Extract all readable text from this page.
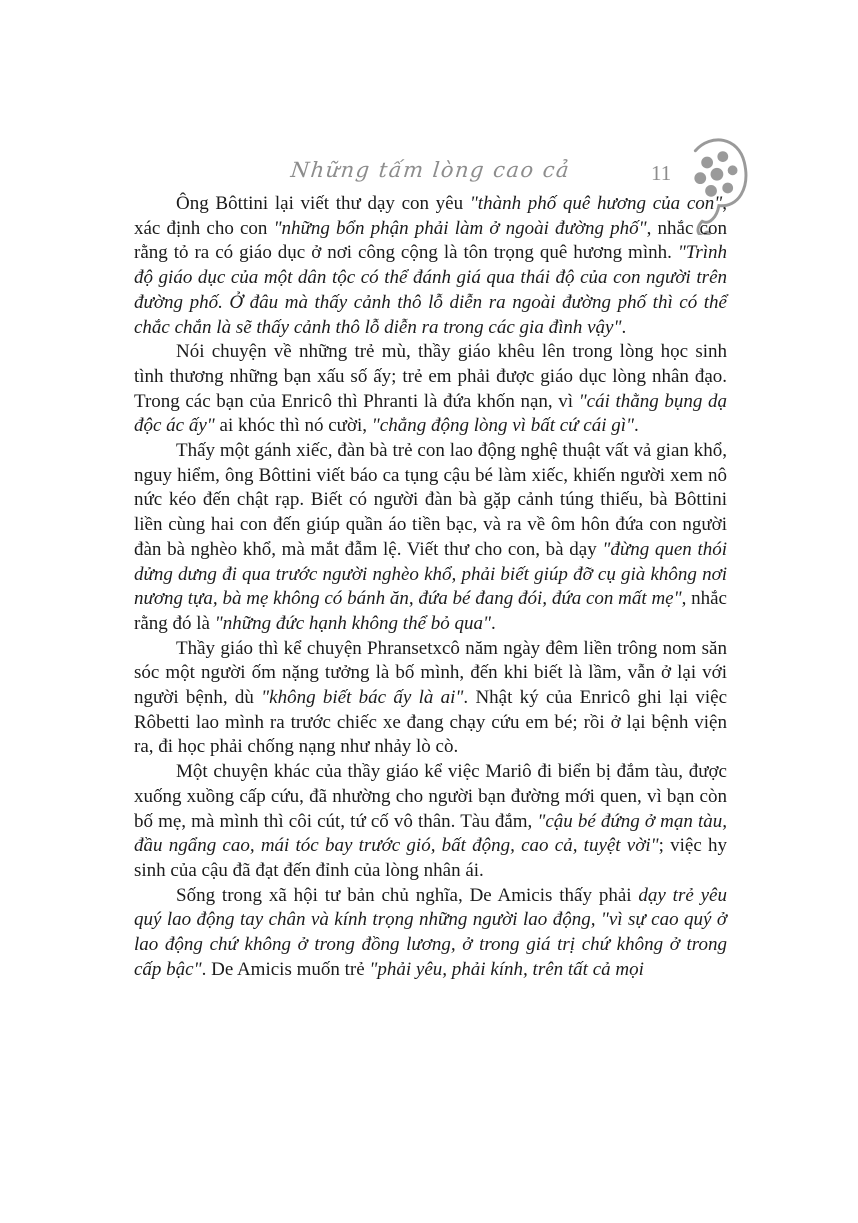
Những tấm lòng cao cả	11

Ông Bôttini lại viết thư dạy con yêu "thành phố quê hương của con", xác định cho con "những bổn phận phải làm ở ngoài đường phố", nhắc con rằng tỏ ra có giáo dục ở nơi công cộng là tôn trọng quê hương mình. "Trình độ giáo dục của một dân tộc có thể đánh giá qua thái độ của con người trên đường phố. Ở đâu mà thấy cảnh thô lỗ diễn ra ngoài đường phố thì có thể chắc chắn là sẽ thấy cảnh thô lỗ diễn ra trong các gia đình vậy".

Nói chuyện về những trẻ mù, thầy giáo khêu lên trong lòng học sinh tình thương những bạn xấu số ấy; trẻ em phải được giáo dục lòng nhân đạo. Trong các bạn của Enricô thì Phranti là đứa khốn nạn, vì "cái thằng bụng dạ độc ác ấy" ai khóc thì nó cười, "chẳng động lòng vì bất cứ cái gì".

Thấy một gánh xiếc, đàn bà trẻ con lao động nghệ thuật vất vả gian khổ, nguy hiểm, ông Bôttini viết báo ca tụng cậu bé làm xiếc, khiến người xem nô nức kéo đến chật rạp. Biết có người đàn bà gặp cảnh túng thiếu, bà Bôttini liền cùng hai con đến giúp quần áo tiền bạc, và ra về ôm hôn đứa con người đàn bà nghèo khổ, mà mắt đẫm lệ. Viết thư cho con, bà dạy "đừng quen thói dửng dưng đi qua trước người nghèo khổ, phải biết giúp đỡ cụ già không nơi nương tựa, bà mẹ không có bánh ăn, đứa bé đang đói, đứa con mất mẹ", nhắc rằng đó là "những đức hạnh không thể bỏ qua".

Thầy giáo thì kể chuyện Phransetxcô năm ngày đêm liền trông nom săn sóc một người ốm nặng tưởng là bố mình, đến khi biết là lầm, vẫn ở lại với người bệnh, dù "không biết bác ấy là ai". Nhật ký của Enricô ghi lại việc Rôbetti lao mình ra trước chiếc xe đang chạy cứu em bé; rồi ở lại bệnh viện ra, đi học phải chống nạng như nhảy lò cò.

Một chuyện khác của thầy giáo kể việc Mariô đi biển bị đắm tàu, được xuống xuồng cấp cứu, đã nhường cho người bạn đường mới quen, vì bạn còn bố mẹ, mà mình thì côi cút, tứ cố vô thân. Tàu đắm, "cậu bé đứng ở mạn tàu, đầu ngẩng cao, mái tóc bay trước gió, bất động, cao cả, tuyệt vời"; việc hy sinh của cậu đã đạt đến đỉnh của lòng nhân ái.

Sống trong xã hội tư bản chủ nghĩa, De Amicis thấy phải dạy trẻ yêu quý lao động tay chân và kính trọng những người lao động, "vì sự cao quý ở lao động chứ không ở trong đồng lương, ở trong giá trị chứ không ở trong cấp bậc". De Amicis muốn trẻ "phải yêu, phải kính, trên tất cả mọi
